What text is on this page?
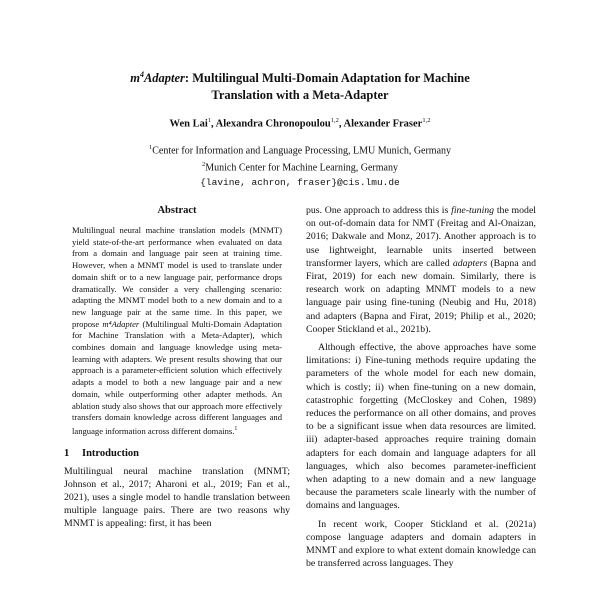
$m^4Adapter$: Multilingual Multi-Domain Adaptation for Machine
Translation with a Meta-Adapter
Wen Lai$^1$, Alexandra Chronopoulou$^{1,2}$, Alexander Fraser$^{1,2}$
$^1$Center for Information and Language Processing, LMU Munich, Germany
$^2$Munich Center for Machine Learning, Germany
{lavine, achron, fraser}@cis.lmu.de
Abstract

Multilingual neural machine translation models (MNMT) yield state-of-the-art performance when evaluated on data from a domain and language pair seen at training time. However, when a MNMT model is used to translate under domain shift or to a new language pair, performance drops dramatically. We consider a very challenging scenario: adapting the MNMT model both to a new domain and to a new language pair at the same time. In this paper, we propose m⁴Adapter (Multilingual Multi-Domain Adaptation for Machine Translation with a Meta-Adapter), which combines domain and language knowledge using meta-learning with adapters. We present results showing that our approach is a parameter-efficient solution which effectively adapts a model to both a new language pair and a new domain, while outperforming other adapter methods. An ablation study also shows that our approach more effectively transfers domain knowledge across different languages and language information across different domains.$^1$

1 Introduction

Multilingual neural machine translation (MNMT; Johnson et al., 2017; Aharoni et al., 2019; Fan et al., 2021), uses a single model to handle translation between multiple language pairs. There are two reasons why MNMT is appealing: first, it has been

pus. One approach to address this is fine-tuning the model on out-of-domain data for NMT (Freitag and Al-Onaizan, 2016; Dakwale and Monz, 2017). Another approach is to use lightweight, learnable units inserted between transformer layers, which are called adapters (Bapna and Firat, 2019) for each new domain. Similarly, there is research work on adapting MNMT models to a new language pair using fine-tuning (Neubig and Hu, 2018) and adapters (Bapna and Firat, 2019; Philip et al., 2020; Cooper Stickland et al., 2021b).

Although effective, the above approaches have some limitations: i) Fine-tuning methods require updating the parameters of the whole model for each new domain, which is costly; ii) when fine-tuning on a new domain, catastrophic forgetting (McCloskey and Cohen, 1989) reduces the performance on all other domains, and proves to be a significant issue when data resources are limited. iii) adapter-based approaches require training domain adapters for each domain and language adapters for all languages, which also becomes parameter-inefficient when adapting to a new domain and a new language because the parameters scale linearly with the number of domains and languages.

In recent work, Cooper Stickland et al. (2021a) compose language adapters and domain adapters in MNMT and explore to what extent domain knowledge can be transferred across languages. They
